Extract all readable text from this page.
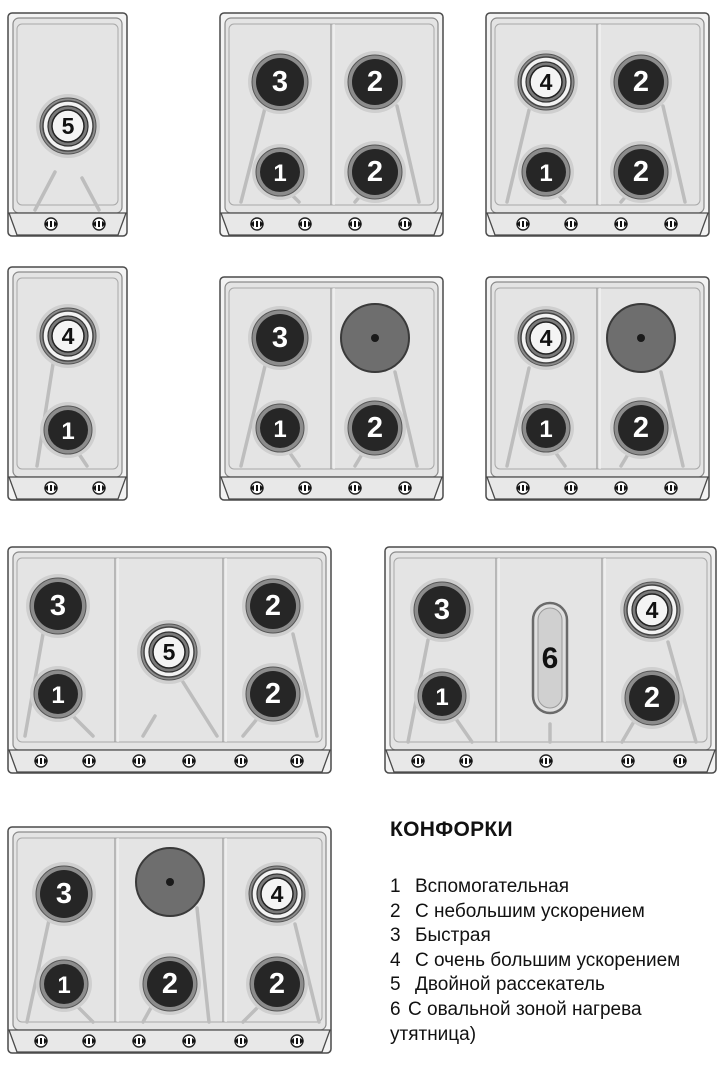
5
3
1
2
2
4
1
2
2
4
1
3
1	2
4
1	2
3
1
5
2
2
3
1
6
4
2
3
1	2
4
2
КОНФОРКИ
1 Вспомогательная
2 С небольшим ускорением
3 Быстрая
4 С очень большим ускорением
5 Двойной рассекатель
6 С овальной зоной нагрева
утятница)
